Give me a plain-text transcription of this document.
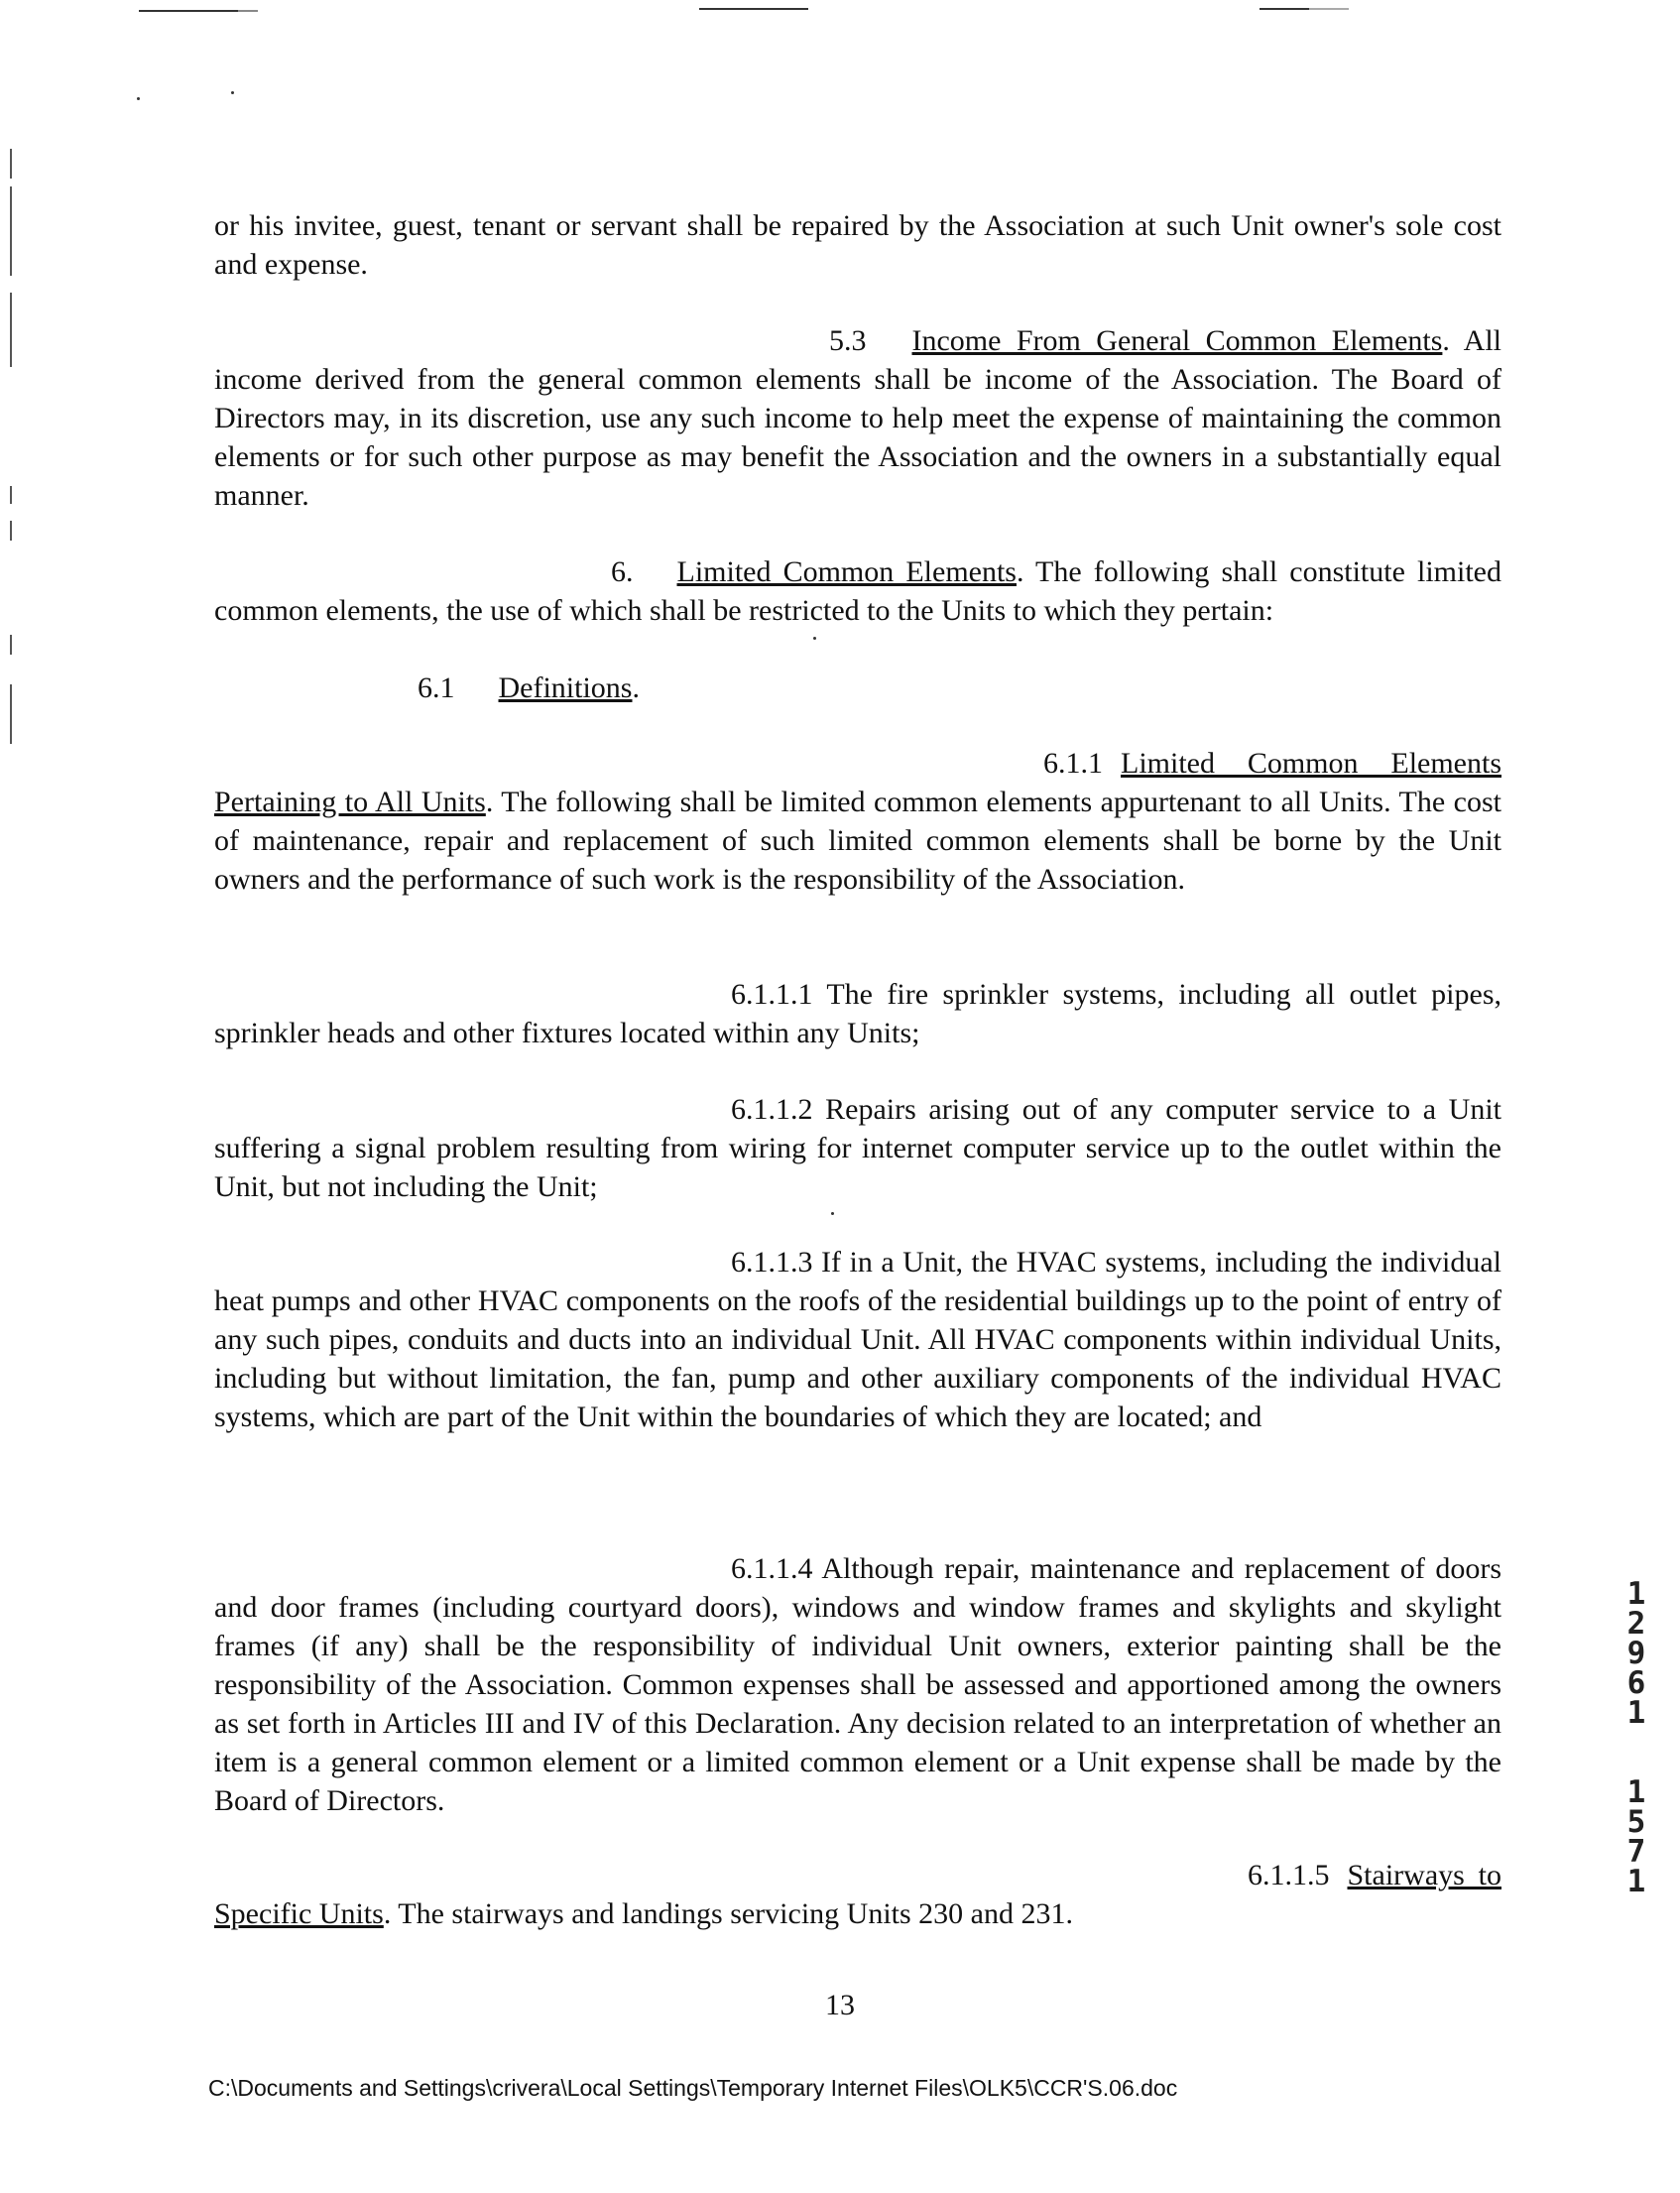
or his invitee, guest, tenant or servant shall be repaired by the Association at such Unit owner's sole cost and expense.

5.3 Income From General Common Elements. All income derived from the general common elements shall be income of the Association. The Board of Directors may, in its discretion, use any such income to help meet the expense of maintaining the common elements or for such other purpose as may benefit the Association and the owners in a substantially equal manner.

6. Limited Common Elements. The following shall constitute limited common elements, the use of which shall be restricted to the Units to which they pertain:

6.1 Definitions.

6.1.1 Limited Common Elements Pertaining to All Units. The following shall be limited common elements appurtenant to all Units. The cost of maintenance, repair and replacement of such limited common elements shall be borne by the Unit owners and the performance of such work is the responsibility of the Association.

6.1.1.1 The fire sprinkler systems, including all outlet pipes, sprinkler heads and other fixtures located within any Units;

6.1.1.2 Repairs arising out of any computer service to a Unit suffering a signal problem resulting from wiring for internet computer service up to the outlet within the Unit, but not including the Unit;

6.1.1.3 If in a Unit, the HVAC systems, including the individual heat pumps and other HVAC components on the roofs of the residential buildings up to the point of entry of any such pipes, conduits and ducts into an individual Unit. All HVAC components within individual Units, including but without limitation, the fan, pump and other auxiliary components of the individual HVAC systems, which are part of the Unit within the boundaries of which they are located; and

6.1.1.4 Although repair, maintenance and replacement of doors and door frames (including courtyard doors), windows and window frames and skylights and skylight frames (if any) shall be the responsibility of individual Unit owners, exterior painting shall be the responsibility of the Association. Common expenses shall be assessed and apportioned among the owners as set forth in Articles III and IV of this Declaration. Any decision related to an interpretation of whether an item is a general common element or a limited common element or a Unit expense shall be made by the Board of Directors.

6.1.1.5 Stairways to Specific Units. The stairways and landings servicing Units 230 and 231.

13
C:\Documents and Settings\crivera\Local Settings\Temporary Internet Files\OLK5\CCR'S.06.doc
1
2
9
6
1
1
5
7
1
